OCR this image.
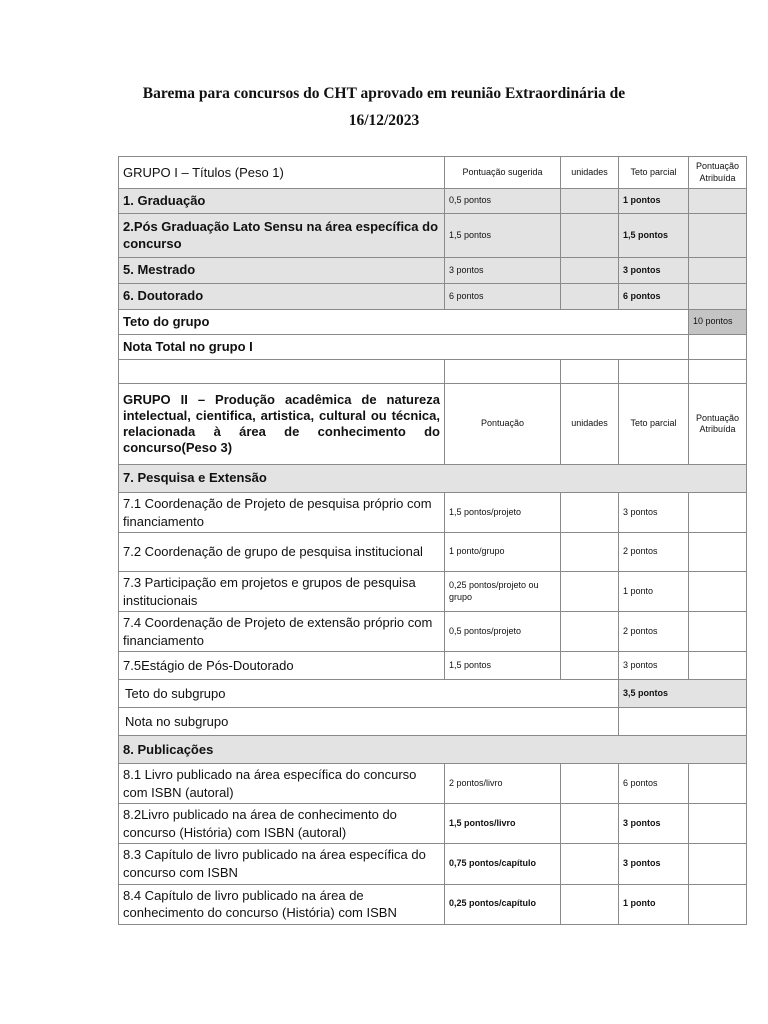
Barema para concursos do CHT aprovado em reunião Extraordinária de
16/12/2023
GRUPO I – Títulos (Peso 1)	Pontuação sugerida	unidades	Teto parcial	Pontuação Atribuída
1. Graduação	0,5 pontos		1 pontos	
2.Pós Graduação Lato Sensu na área específica do concurso	1,5 pontos		1,5 pontos	
5. Mestrado	3 pontos		3 pontos	
6. Doutorado	6 pontos		6 pontos	
Teto do grupo				10 pontos
Nota Total no grupo I				

GRUPO II – Produção acadêmica de natureza intelectual, cientifica, artistica, cultural ou técnica, relacionada à área de conhecimento do concurso(Peso 3)	Pontuação	unidades	Teto parcial	Pontuação Atribuída
7. Pesquisa e Extensão				
7.1 Coordenação de Projeto de pesquisa próprio com financiamento	1,5 pontos/projeto		3 pontos	
7.2 Coordenação de grupo de pesquisa institucional	1 ponto/grupo		2 pontos	
7.3 Participação em projetos e grupos de pesquisa institucionais	0,25 pontos/projeto ou grupo		1 ponto	
7.4 Coordenação de Projeto de extensão próprio com financiamento	0,5 pontos/projeto		2 pontos	
7.5Estágio de Pós-Doutorado	1,5 pontos		3 pontos	
Teto do subgrupo			3,5 pontos	
Nota no subgrupo				
8. Publicações				
8.1 Livro publicado na área específica do concurso com ISBN (autoral)	2 pontos/livro		6 pontos	
8.2Livro publicado na área de conhecimento do concurso (História) com ISBN (autoral)	1,5 pontos/livro		3 pontos	
8.3 Capítulo de livro publicado na área específica do concurso com ISBN	0,75 pontos/capítulo		3 pontos	
8.4 Capítulo de livro publicado na área de conhecimento do concurso (História) com ISBN	0,25 pontos/capítulo		1 ponto	
